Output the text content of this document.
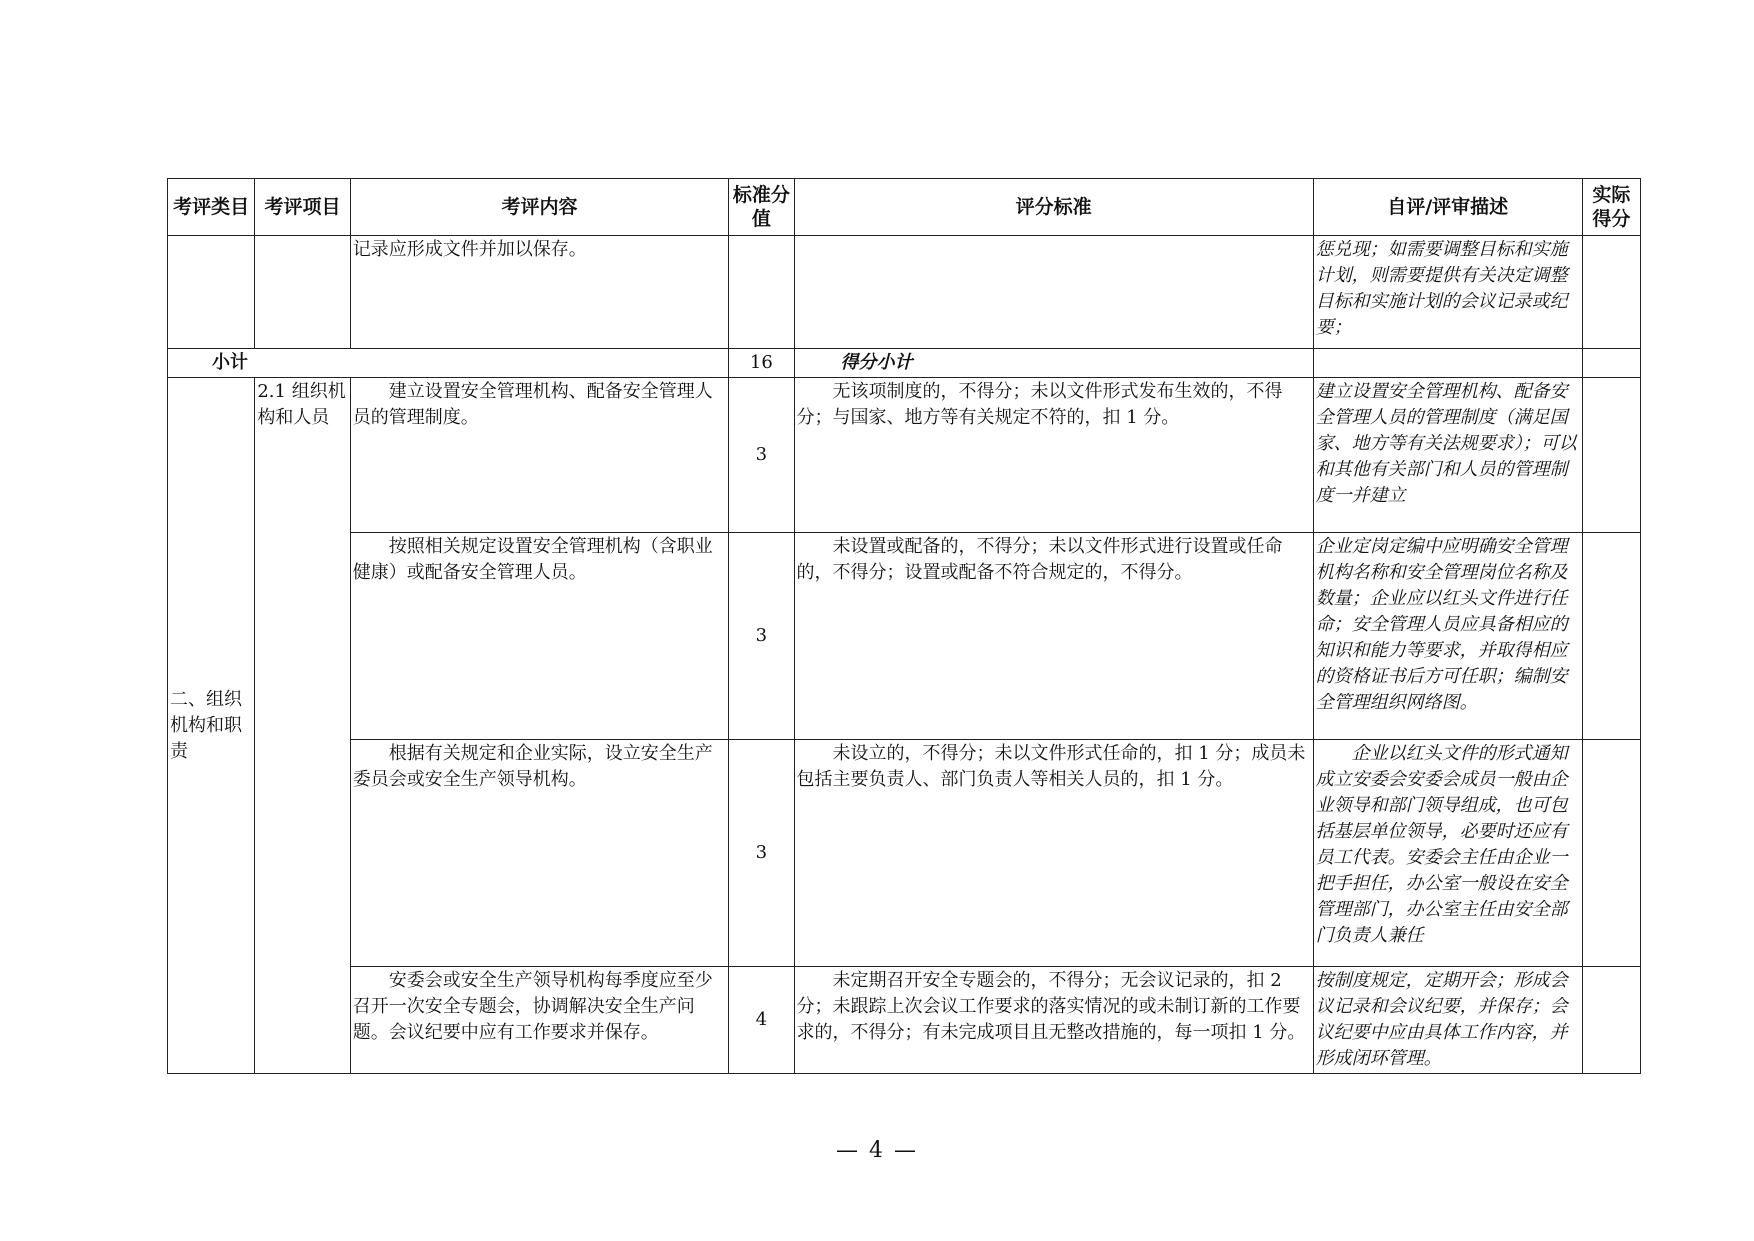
考评类目	考评项目	考评内容	标准分值	评分标准	自评/评审描述	实际得分
		记录应形成文件并加以保存。			惩兑现；如需要调整目标和实施计划，则需要提供有关决定调整目标和实施计划的会议记录或纪要；	
小计			16	得分小计		
二、组织机构和职责	2.1 组织机构和人员	建立设置安全管理机构、配备安全管理人员的管理制度。	3	无该项制度的，不得分；未以文件形式发布生效的，不得分；与国家、地方等有关规定不符的，扣 1 分。	建立设置安全管理机构、配备安全管理人员的管理制度（满足国家、地方等有关法规要求）；可以和其他有关部门和人员的管理制度一并建立	
		按照相关规定设置安全管理机构（含职业健康）或配备安全管理人员。	3	未设置或配备的，不得分；未以文件形式进行设置或任命的，不得分；设置或配备不符合规定的，不得分。	企业定岗定编中应明确安全管理机构名称和安全管理岗位名称及数量；企业应以红头文件进行任命；安全管理人员应具备相应的知识和能力等要求，并取得相应的资格证书后方可任职；编制安全管理组织网络图。	
		根据有关规定和企业实际，设立安全生产委员会或安全生产领导机构。	3	未设立的，不得分；未以文件形式任命的，扣 1 分；成员未包括主要负责人、部门负责人等相关人员的，扣 1 分。	企业以红头文件的形式通知成立安委会安委会成员一般由企业领导和部门领导组成，也可包括基层单位领导，必要时还应有员工代表。安委会主任由企业一把手担任，办公室一般设在安全管理部门，办公室主任由安全部门负责人兼任	
		安委会或安全生产领导机构每季度应至少召开一次安全专题会，协调解决安全生产问题。会议纪要中应有工作要求并保存。	4	未定期召开安全专题会的，不得分；无会议记录的，扣 2 分；未跟踪上次会议工作要求的落实情况的或未制订新的工作要求的，不得分；有未完成项目且无整改措施的，每一项扣 1 分。	按制度规定，定期开会；形成会议记录和会议纪要，并保存；会议纪要中应由具体工作内容，并形成闭环管理。	
— 4 —
